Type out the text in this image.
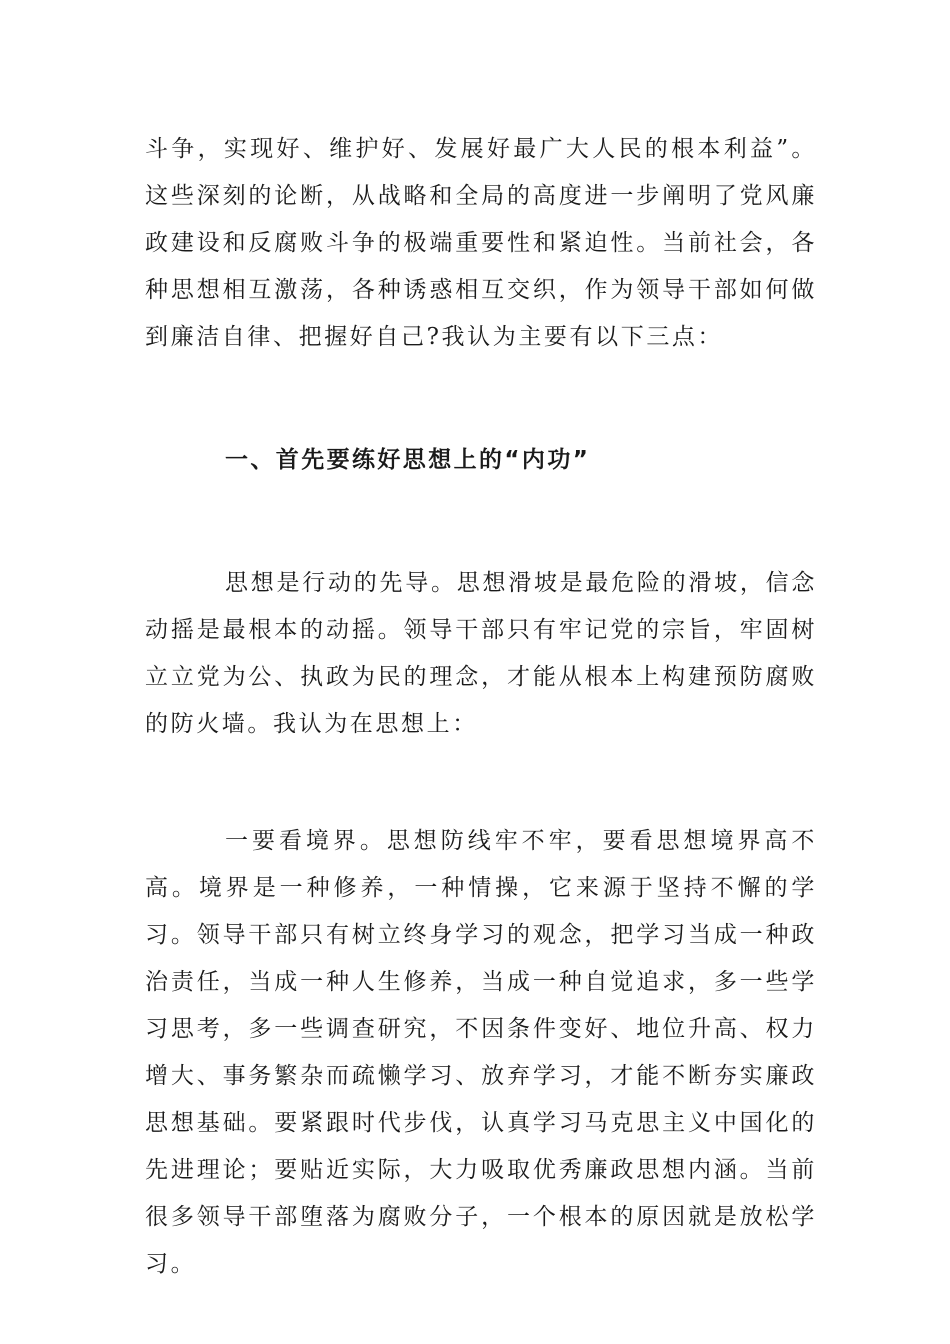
斗争，实现好、维护好、发展好最广大人民的根本利益”。这些深刻的论断，从战略和全局的高度进一步阐明了党风廉政建设和反腐败斗争的极端重要性和紧迫性。当前社会，各种思想相互激荡，各种诱惑相互交织，作为领导干部如何做到廉洁自律、把握好自己?我认为主要有以下三点：

一、首先要练好思想上的“内功”

思想是行动的先导。思想滑坡是最危险的滑坡，信念动摇是最根本的动摇。领导干部只有牢记党的宗旨，牢固树立立党为公、执政为民的理念，才能从根本上构建预防腐败的防火墙。我认为在思想上：

一要看境界。思想防线牢不牢，要看思想境界高不高。境界是一种修养，一种情操，它来源于坚持不懈的学习。领导干部只有树立终身学习的观念，把学习当成一种政治责任，当成一种人生修养，当成一种自觉追求，多一些学习思考，多一些调查研究，不因条件变好、地位升高、权力增大、事务繁杂而疏懒学习、放弃学习，才能不断夯实廉政思想基础。要紧跟时代步伐，认真学习马克思主义中国化的先进理论；要贴近实际，大力吸取优秀廉政思想内涵。当前很多领导干部堕落为腐败分子，一个根本的原因就是放松学习。
